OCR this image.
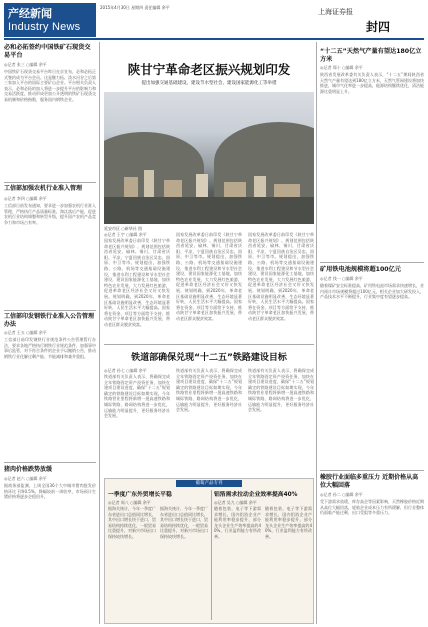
产经新闻
Industry News
2015年4月30日 星期四 责任编辑 余平
上海证券报
封四
必和必拓签约中国铁矿石现货交易平台
◎记者 张三 ○编辑 余平
中国铁矿石现货交易平台昨日在京宣布，必和必拓正式签约成为平台会员。这是继力拓、淡水河谷之后第三家加入平台的国际主要矿山企业。平台相关负责人表示，必和必拓的加入将进一步提升平台的影响力和交易活跃度，推动形成更加公开透明的铁矿石现货交易机制和价格指数，服务国内钢铁企业。
工信部加强农机行业准入管理
◎记者 李四 ○编辑 余平
工信部日前发布通知，要求进一步加强农机行业准入管理，严格执行产品质量标准，淘汰落后产能，促进农机行业结构调整和转型升级，提升国产农机产品竞争力和市场占有率。
工信部印发钢铁行业准入公告管理办法
◎记者 王五 ○编辑 余平
工信部日前印发钢铁行业规范条件公告管理暂行办法，要求各地严格执行钢铁行业规范条件，加强事中事后监管，对不符合条件的企业予以撤销公告，推动钢铁行业化解过剩产能、节能减排和兼并重组。
猪肉价格跌势放缓
◎记者 赵六 ○编辑 余平
据商务部监测，上周全国36个大中城市猪肉批发价格环比下降0.5%，降幅较前一周收窄，市场预计生猪价格将逐步企稳回升。
陕甘宁革命老区振兴规划印发
提出加强交通基础建设、建设节水型社会、建设国家能源化工等举措
延安市区 ○新华社 图
◎记者 王宇 ○编辑 余平
国家发展改革委日前印发《陕甘宁革命老区振兴规划》。规划范围包括陕西省延安、榆林、铜川，甘肃省庆阳、平凉，宁夏回族自治区吴忠、固原、中卫等市。规划提出，加强铁路、公路、机场等交通基础设施建设，推进水利工程建设和节水型社会建设，建设国家能源化工基地，加快特色农业发展，大力发展红色旅游，促进革命老区经济社会又好又快发展。规划明确，到2020年，革命老区基础设施明显改善，生态环境显著好转，人民生活水平大幅提高。国家将在资金、项目等方面给予支持，推动陕甘宁革命老区加快振兴发展，带动老区群众脱贫致富。
国家发展改革委日前印发《陕甘宁革命老区振兴规划》。规划范围包括陕西省延安、榆林、铜川，甘肃省庆阳、平凉，宁夏回族自治区吴忠、固原、中卫等市。规划提出，加强铁路、公路、机场等交通基础设施建设，推进水利工程建设和节水型社会建设，建设国家能源化工基地，加快特色农业发展，大力发展红色旅游，促进革命老区经济社会又好又快发展。规划明确，到2020年，革命老区基础设施明显改善，生态环境显著好转，人民生活水平大幅提高。国家将在资金、项目等方面给予支持，推动陕甘宁革命老区加快振兴发展，带动老区群众脱贫致富。
国家发展改革委日前印发《陕甘宁革命老区振兴规划》。规划范围包括陕西省延安、榆林、铜川，甘肃省庆阳、平凉，宁夏回族自治区吴忠、固原、中卫等市。规划提出，加强铁路、公路、机场等交通基础设施建设，推进水利工程建设和节水型社会建设，建设国家能源化工基地，加快特色农业发展，大力发展红色旅游，促进革命老区经济社会又好又快发展。规划明确，到2020年，革命老区基础设施明显改善，生态环境显著好转，人民生活水平大幅提高。国家将在资金、项目等方面给予支持，推动陕甘宁革命老区加快振兴发展，带动老区群众脱贫致富。
铁道部确保兑现“十二五”铁路建设目标
◎记者 孙七 ○编辑 余平
铁道部有关负责人表示，将确保完成全年铁路固定资产投资任务，加快在建项目建设进度，确保“十二五”规划确定的铁路建设目标如期实现。今年铁路营业里程将新增一批高速铁路和城际铁路，路网结构将进一步优化，运输能力明显提升，更好服务经济社会发展。
铁道部有关负责人表示，将确保完成全年铁路固定资产投资任务，加快在建项目建设进度，确保“十二五”规划确定的铁路建设目标如期实现。今年铁路营业里程将新增一批高速铁路和城际铁路，路网结构将进一步优化，运输能力明显提升，更好服务经济社会发展。
铁道部有关负责人表示，将确保完成全年铁路固定资产投资任务，加快在建项目建设进度，确保“十二五”规划确定的铁路建设目标如期实现。今年铁路营业里程将新增一批高速铁路和城际铁路，路网结构将进一步优化，运输能力明显提升，更好服务经济社会发展。
葡萄产品专刊
一季度广东外贸增长平稳
◎记者 周八 ○编辑 余平
据海关统计，今年一季度广东省进出口总值同比增长，其中出口增长快于进口，贸易结构持续优化，一般贸易比重提升，对新兴市场出口保持较快增长。
据海关统计，今年一季度广东省进出口总值同比增长，其中出口增长快于进口，贸易结构持续优化，一般贸易比重提升，对新兴市场出口保持较快增长。
铝箔需求拉动企业效率提高40%
◎记者 吴九 ○编辑 余平
随着包装、电子等下游需求增长，国内铝箔企业产能利用率稳步提升，部分龙头企业生产效率提高约40%，行业盈利能力有所改善。
随着包装、电子等下游需求增长，国内铝箔企业产能利用率稳步提升，部分龙头企业生产效率提高约40%，行业盈利能力有所改善。
“十二五”天然气产量有望达180亿立方米
◎记者 郑十 ○编辑 余平
陕西省发展改革委有关负责人表示，“十二五”期间陕西省天然气产量有望达到180亿立方米，天然气管网建设将加快推进，城市气化率进一步提高，能源结构继续优化，清洁能源比重明显上升。
矿用铁电池规模将超100亿元
◎记者 钱一 ○编辑 余平
随着煤矿安全标准提高，矿用铁电池市场需求快速增长，业内预计市场规模将超过100亿元，相关企业加大研发投入，产品技术水平不断提升，行业集中度有望逐步提高。
橡胶行业面临多重压力 近期价格从高位大幅回落
◎记者 孙二 ○编辑 余平
受下游需求放缓、库存高企等因素影响，天然橡胶价格近期从高位大幅回落，轮胎企业成本压力有所缓解，但行业整体仍面临产能过剩、出口受阻等多重压力。
